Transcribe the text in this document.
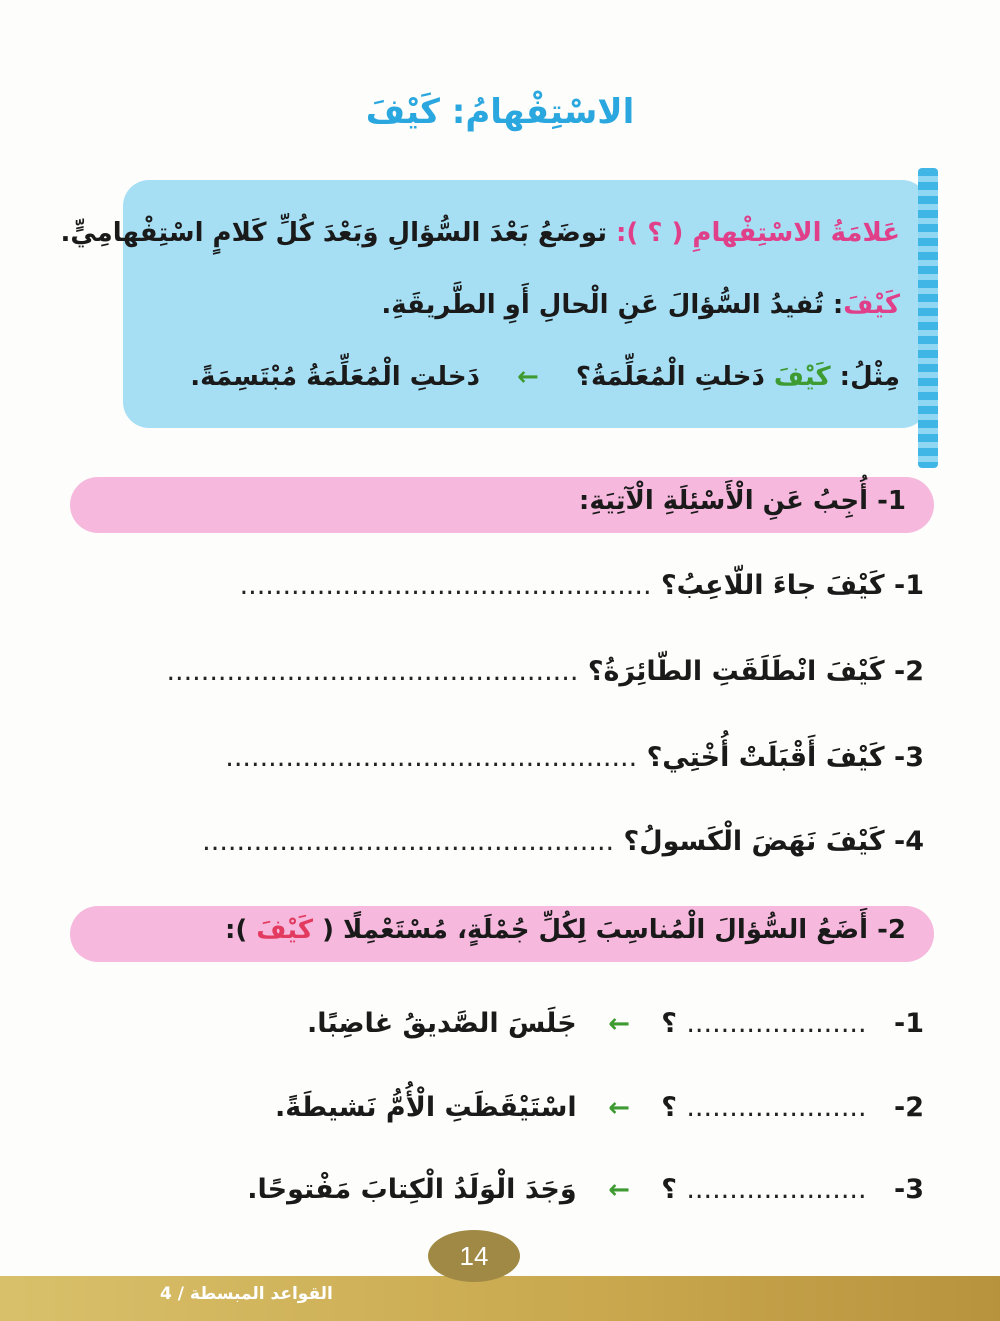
الاسْتِفْهامُ: كَيْفَ
عَلامَةُ الاسْتِفْهامِ ( ؟ ): توضَعُ بَعْدَ السُّؤالِ وَبَعْدَ كُلِّ كَلامٍ اسْتِفْهامِيٍّ.
كَيْفَ: تُفيدُ السُّؤالَ عَنِ الْحالِ أَوِ الطَّريقَةِ.
مِثْلُ: كَيْفَ دَخلتِ الْمُعَلِّمَةُ؟ ← دَخلتِ الْمُعَلِّمَةُ مُبْتَسِمَةً.
1- أُجِبُ عَنِ الْأَسْئِلَةِ الْآتِيَةِ:
1- كَيْفَ جاءَ اللّاعِبُ؟ ................................................
2- كَيْفَ انْطَلَقَتِ الطّائِرَةُ؟ ................................................
3- كَيْفَ أَقْبَلَتْ أُخْتِي؟ ................................................
4- كَيْفَ نَهَضَ الْكَسولُ؟ ................................................
2- أَضَعُ السُّؤالَ الْمُناسِبَ لِكُلِّ جُمْلَةٍ، مُسْتَعْمِلًا ( كَيْفَ ):
1- ..................... ؟ ← جَلَسَ الصَّديقُ غاضِبًا.
2- ..................... ؟ ← اسْتَيْقَظَتِ الْأُمُّ نَشيطَةً.
3- ..................... ؟ ← وَجَدَ الْوَلَدُ الْكِتابَ مَفْتوحًا.
14
القواعد المبسطة / 4
